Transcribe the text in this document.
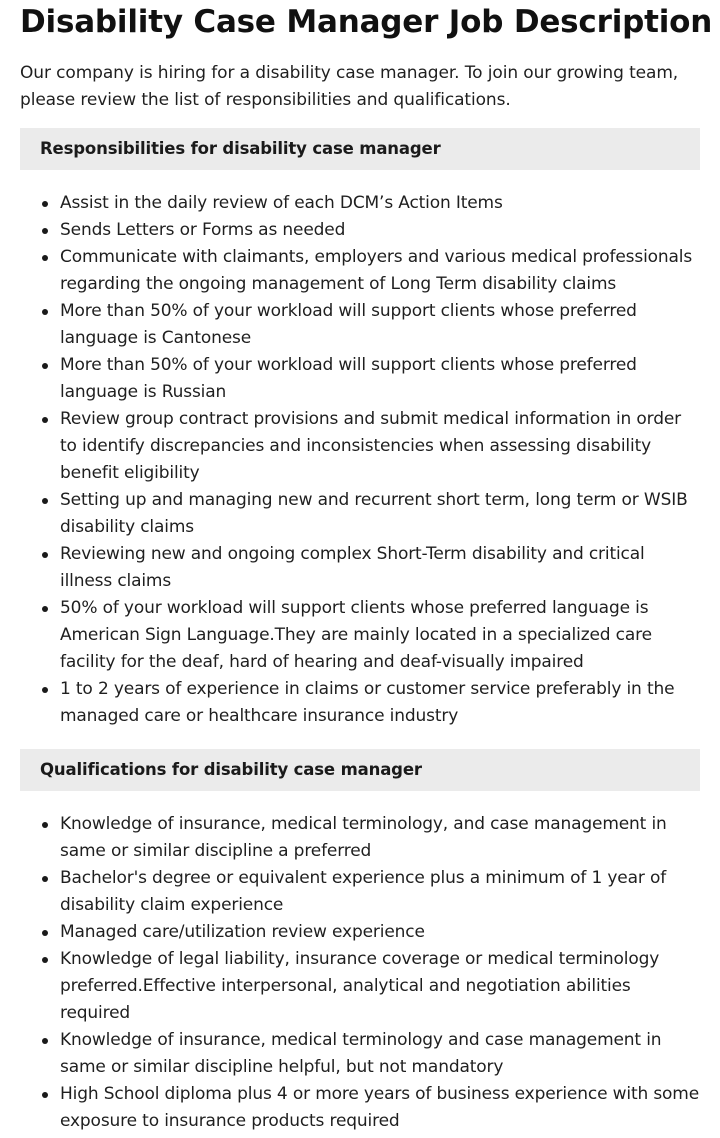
Disability Case Manager Job Description

Our company is hiring for a disability case manager. To join our growing team, please review the list of responsibilities and qualifications.

Responsibilities for disability case manager
Assist in the daily review of each DCM’s Action Items
Sends Letters or Forms as needed
Communicate with claimants, employers and various medical professionals regarding the ongoing management of Long Term disability claims
More than 50% of your workload will support clients whose preferred language is Cantonese
More than 50% of your workload will support clients whose preferred language is Russian
Review group contract provisions and submit medical information in order to identify discrepancies and inconsistencies when assessing disability benefit eligibility
Setting up and managing new and recurrent short term, long term or WSIB disability claims
Reviewing new and ongoing complex Short-Term disability and critical illness claims
50% of your workload will support clients whose preferred language is American Sign Language.They are mainly located in a specialized care facility for the deaf, hard of hearing and deaf-visually impaired
1 to 2 years of experience in claims or customer service preferably in the managed care or healthcare insurance industry
Qualifications for disability case manager
Knowledge of insurance, medical terminology, and case management in same or similar discipline a preferred
Bachelor's degree or equivalent experience plus a minimum of 1 year of disability claim experience
Managed care/utilization review experience
Knowledge of legal liability, insurance coverage or medical terminology preferred.Effective interpersonal, analytical and negotiation abilities required
Knowledge of insurance, medical terminology and case management in same or similar discipline helpful, but not mandatory
High School diploma plus 4 or more years of business experience with some exposure to insurance products required
